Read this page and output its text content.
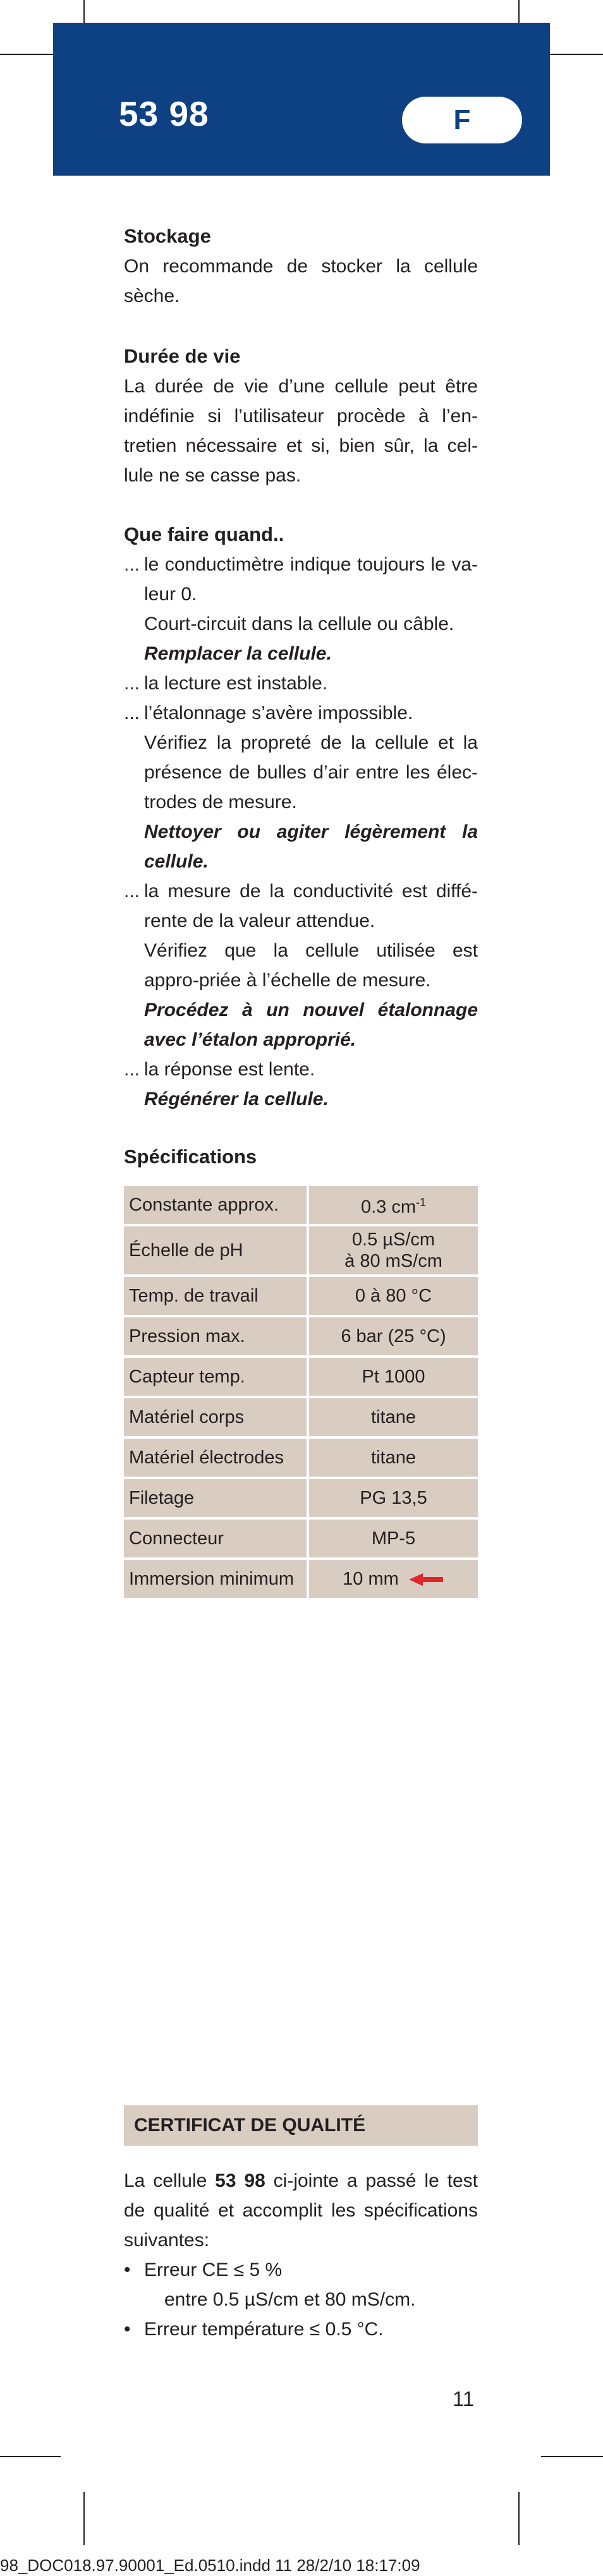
53 98	F
Stockage
On recommande de stocker la cellule sèche.
Durée de vie
La durée de vie d’une cellule peut être indéfinie si l’utilisateur procède à l’en-tretien nécessaire et si, bien sûr, la cel-lule ne se casse pas.
Que faire quand..
... le conductimètre indique toujours le va-leur 0.
Court-circuit dans la cellule ou câble.
Remplacer la cellule.
... la lecture est instable.
... l’étalonnage s’avère impossible.
Vérifiez la propreté de la cellule et la présence de bulles d’air entre les élec-trodes de mesure.
Nettoyer ou agiter légèrement la cellule.
... la mesure de la conductivité est diffé-rente de la valeur attendue.
Vérifiez que la cellule utilisée est appro-priée à l’échelle de mesure.
Procédez à un nouvel étalonnage avec l’étalon approprié.
... la réponse est lente.
Régénérer la cellule.
Spécifications
Constante approx.	0.3 $cm^{-1}$
Échelle de pH	0.5 µS/cm
à 80 mS/cm

Temp. de travail	0 à 80 °C
Pression max.	6 bar (25 °C)
Capteur temp.	Pt 1000
Matériel corps	titane
Matériel électrodes	titane
Filetage	PG 13,5
Connecteur	MP-5
Immersion minimum	10 mm
CERTIFICAT DE QUALITÉ
La cellule 53 98 ci-jointe a passé le test de qualité et accomplit les spécifications suivantes:
• Erreur CE ≤ 5 %
entre 0.5 µS/cm et 80 mS/cm.
• Erreur température ≤ 0.5 °C.
11
98_DOC018.97.90001_Ed.0510.indd 11 28/2/10 18:17:09
